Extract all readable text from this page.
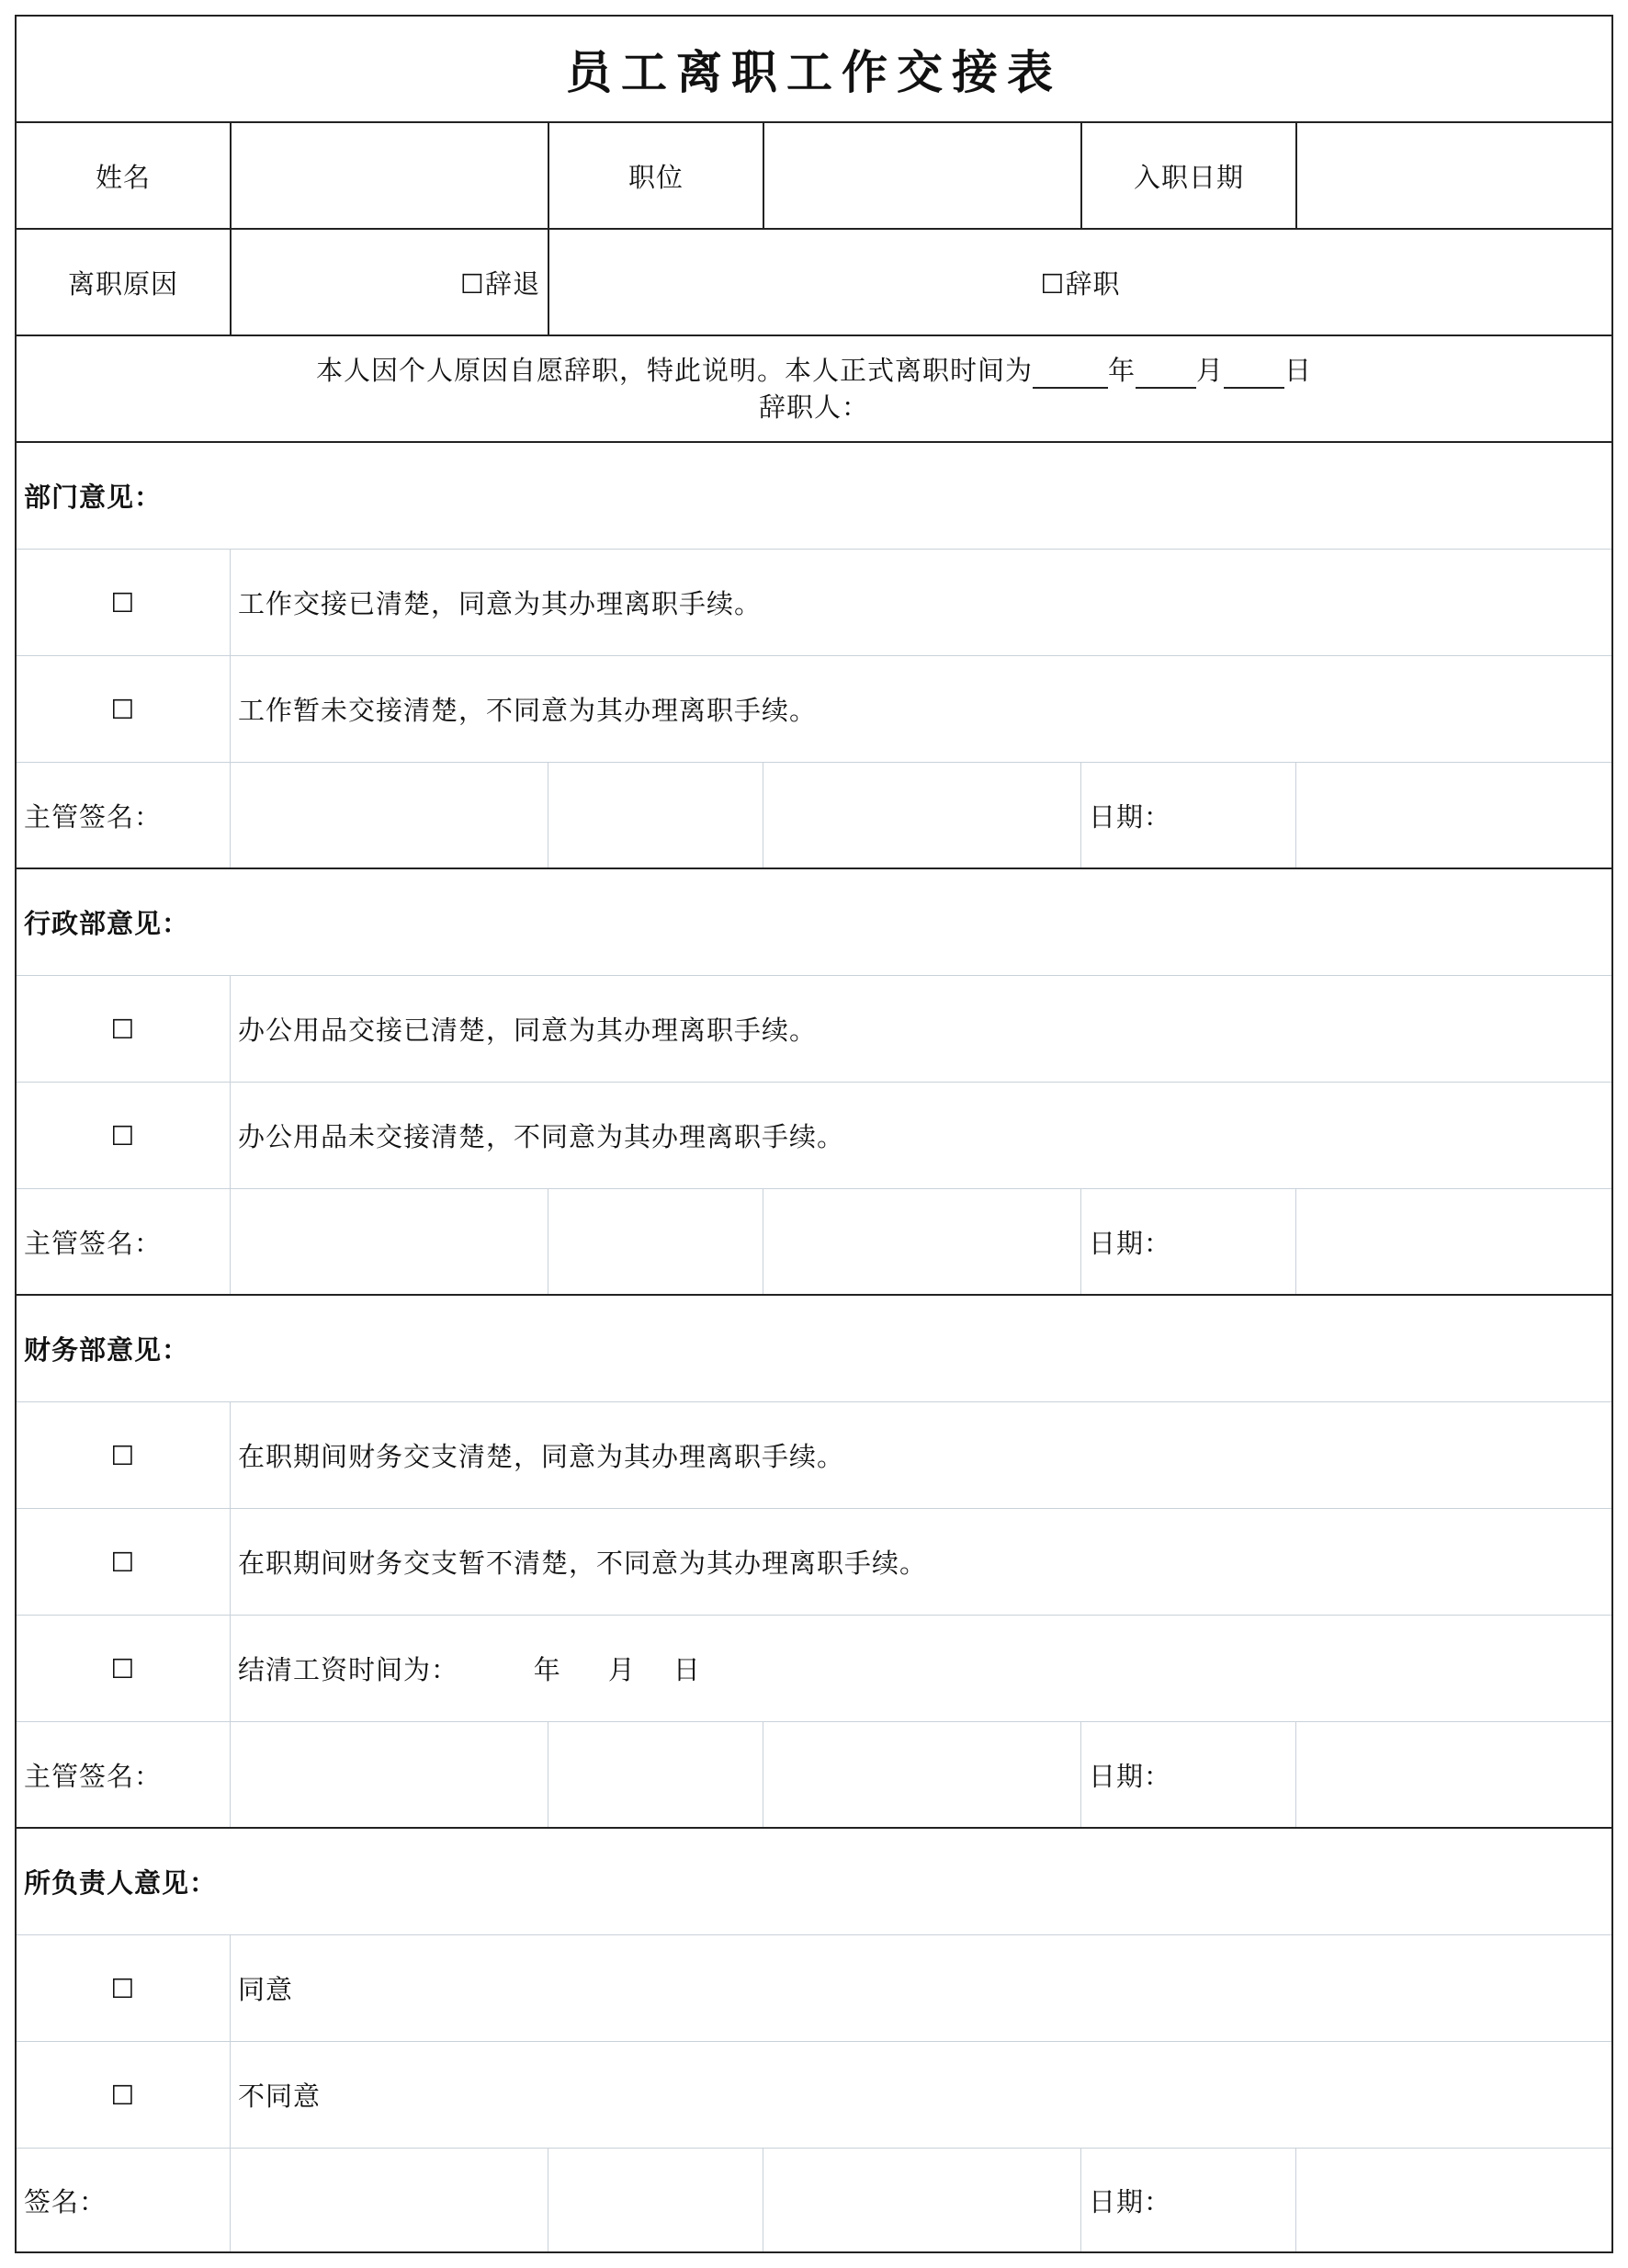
员工离职工作交接表
姓名	职位	入职日期
离职原因	☐辞退	☐辞职
本人因个人原因自愿辞职，特此说明。本人正式离职时间为	年 月 日
辞职人：
部门意见：
☐	工作交接已清楚，同意为其办理离职手续。
☐	工作暂未交接清楚，不同意为其办理离职手续。
主管签名：	日期：
行政部意见：
☐	办公用品交接已清楚，同意为其办理离职手续。
☐	办公用品未交接清楚，不同意为其办理离职手续。
主管签名：	日期：
财务部意见：
☐	在职期间财务交支清楚，同意为其办理离职手续。
☐	在职期间财务交支暂不清楚，不同意为其办理离职手续。
☐	结清工资时间为：        年     月    日
主管签名：	日期：
所负责人意见：
☐	同意
☐	不同意
签名：	日期：
